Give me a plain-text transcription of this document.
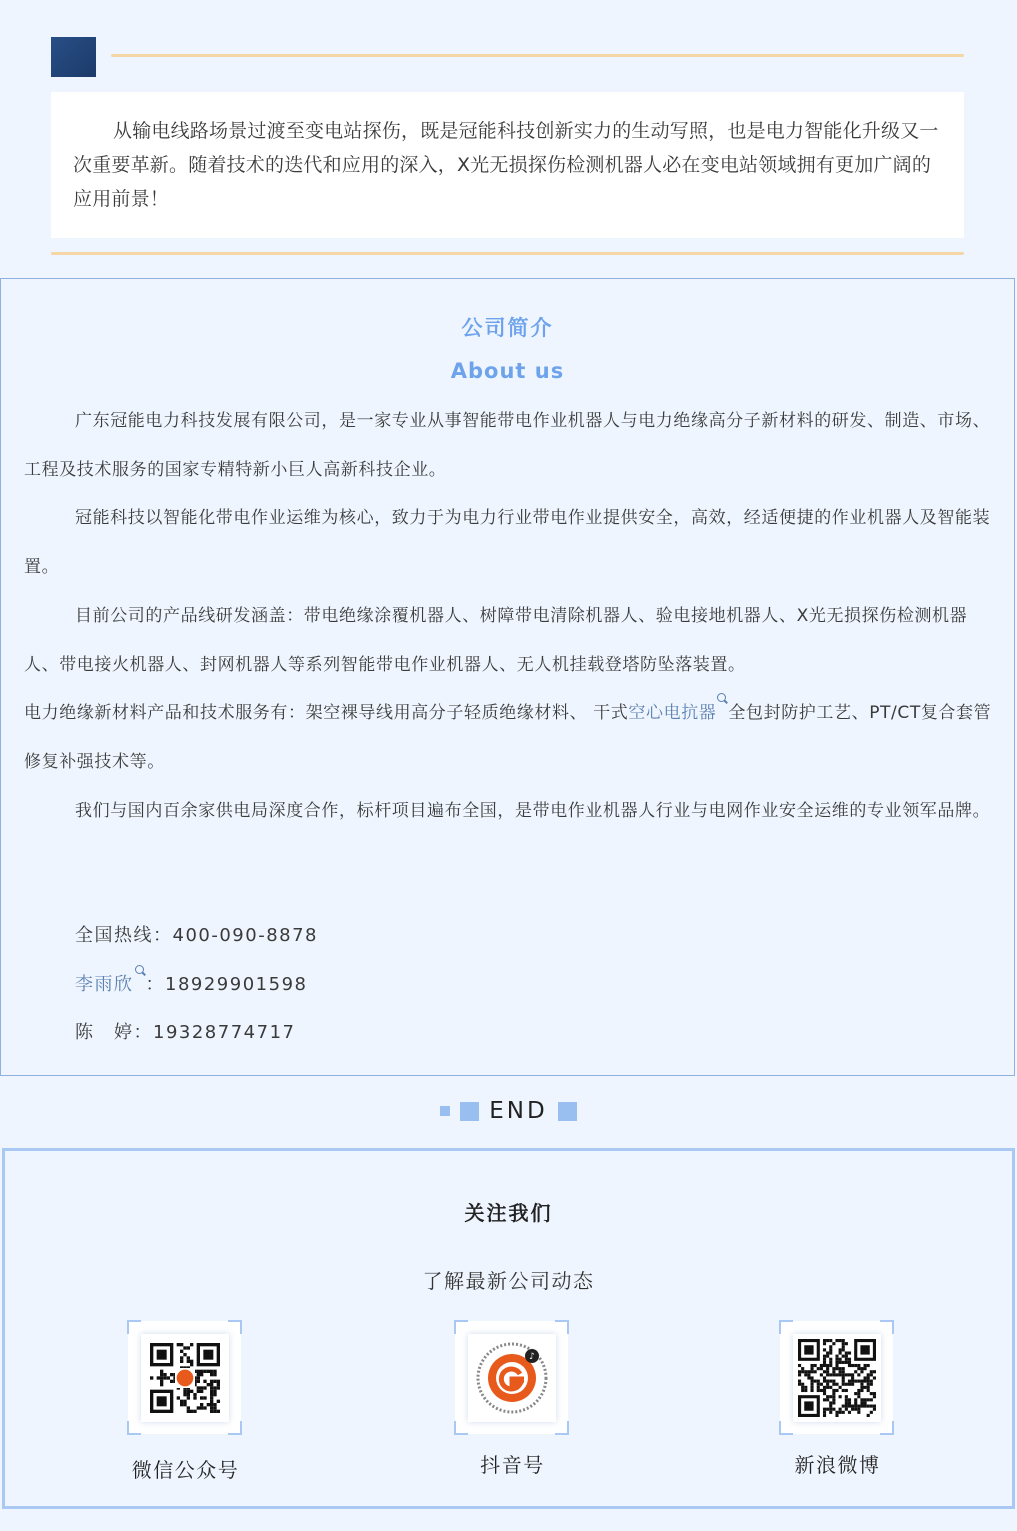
从输电线路场景过渡至变电站探伤，既是冠能科技创新实力的生动写照，也是电力智能化升级又一次重要革新。随着技术的迭代和应用的深入，X光无损探伤检测机器人必在变电站领域拥有更加广阔的应用前景！

公司简介
About us

广东冠能电力科技发展有限公司，是一家专业从事智能带电作业机器人与电力绝缘高分子新材料的研发、制造、市场、工程及技术服务的国家专精特新小巨人高新科技企业。

冠能科技以智能化带电作业运维为核心，致力于为电力行业带电作业提供安全，高效，经适便捷的作业机器人及智能装置。

目前公司的产品线研发涵盖：带电绝缘涂覆机器人、树障带电清除机器人、验电接地机器人、X光无损探伤检测机器人、带电接火机器人、封网机器人等系列智能带电作业机器人、无人机挂载登塔防坠落装置。

电力绝缘新材料产品和技术服务有：架空裸导线用高分子轻质绝缘材料、 干式空心电抗器 全包封防护工艺、PT/CT复合套管修复补强技术等。

我们与国内百余家供电局深度合作，标杆项目遍布全国，是带电作业机器人行业与电网作业安全运维的专业领军品牌。

全国热线：400-090-8878
李雨欣 ：18929901598
陈　婷：19328774717
END
关注我们
了解最新公司动态
微信公众号
♪
抖音号	新浪微博
